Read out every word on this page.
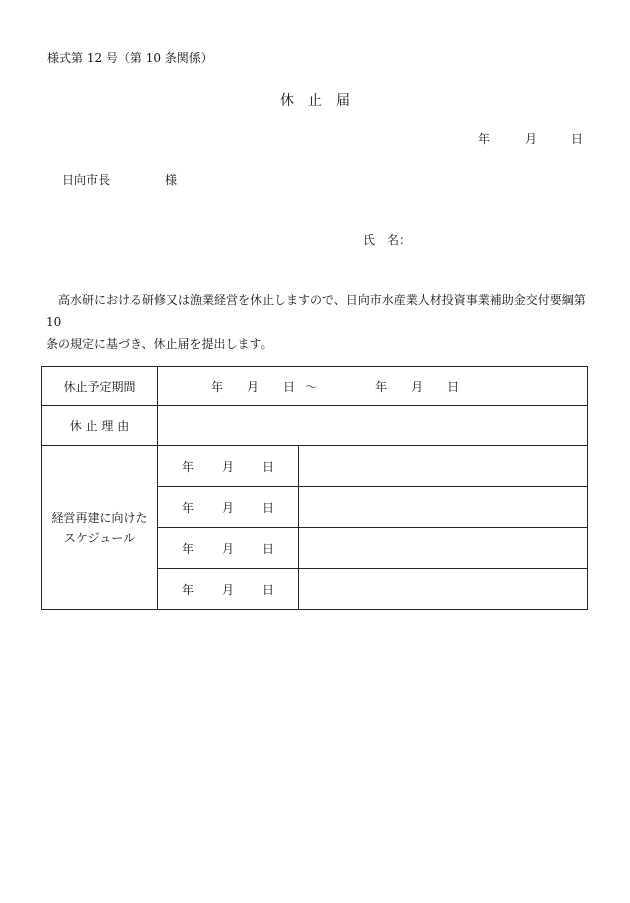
様式第 12 号（第 10 条関係）
休 止 届
年	月	日
日向市長	様
氏　名：

高水研における研修又は漁業経営を休止しますので、日向市水産業人材投資事業補助金交付要綱第 10

条の規定に基づき、休止届を提出します。

休止予定期間	年 月 日 ～ 年 月 日	

休 止 理 由		

経営再建に向けた
スケジュール	年 月 日	

	年 月 日	

	年 月 日	

	年 月 日	
